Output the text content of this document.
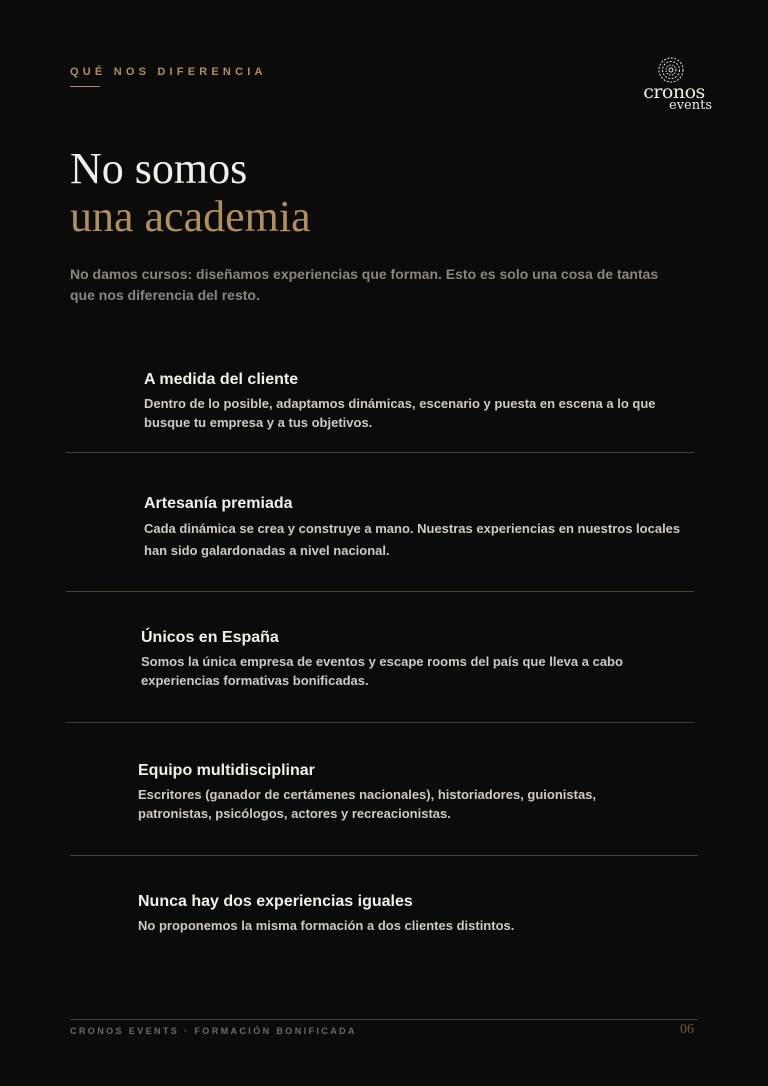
QUÉ NOS DIFERENCIA
cronos
events
No somos
una academia
No damos cursos: diseñamos experiencias que forman. Esto es solo una cosa de tantas que nos diferencia del resto.
A medida del cliente

Dentro de lo posible, adaptamos dinámicas, escenario y puesta en escena a lo que busque tu empresa y a tus objetivos.

Artesanía premiada

Cada dinámica se crea y construye a mano. Nuestras experiencias en nuestros locales han sido galardonadas a nivel nacional.

Únicos en España

Somos la única empresa de eventos y escape rooms del país que lleva a cabo experiencias formativas bonificadas.

Equipo multidisciplinar

Escritores (ganador de certámenes nacionales), historiadores, guionistas, patronistas, psicólogos, actores y recreacionistas.

Nunca hay dos experiencias iguales

No proponemos la misma formación a dos clientes distintos.

CRONOS EVENTS · FORMACIÓN BONIFICADA	06
